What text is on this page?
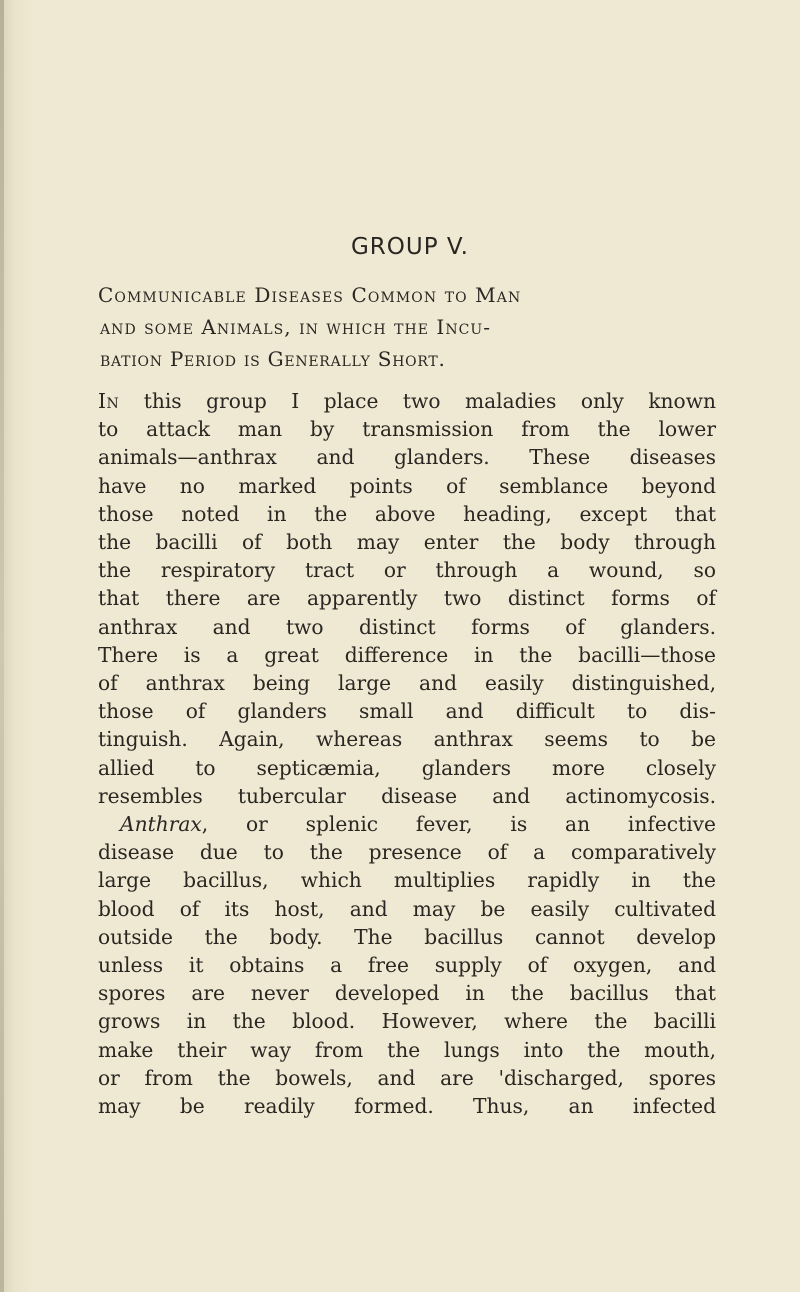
GROUP V.
Communicable Diseases Common to Man
and some Animals, in which the Incu-
bation Period is Generally Short.
In this group I place two maladies only known
to attack man by transmission from the lower
animals—anthrax and glanders. These diseases
have no marked points of semblance beyond
those noted in the above heading, except that
the bacilli of both may enter the body through
the respiratory tract or through a wound, so
that there are apparently two distinct forms of
anthrax and two distinct forms of glanders.
There is a great difference in the bacilli—those
of anthrax being large and easily distinguished,
those of glanders small and difficult to dis-
tinguish. Again, whereas anthrax seems to be
allied to septicæmia, glanders more closely
resembles tubercular disease and actinomycosis.
Anthrax, or splenic fever, is an infective
disease due to the presence of a comparatively
large bacillus, which multiplies rapidly in the
blood of its host, and may be easily cultivated
outside the body. The bacillus cannot develop
unless it obtains a free supply of oxygen, and
spores are never developed in the bacillus that
grows in the blood. However, where the bacilli
make their way from the lungs into the mouth,
or from the bowels, and are 'discharged, spores
may be readily formed. Thus, an infected
